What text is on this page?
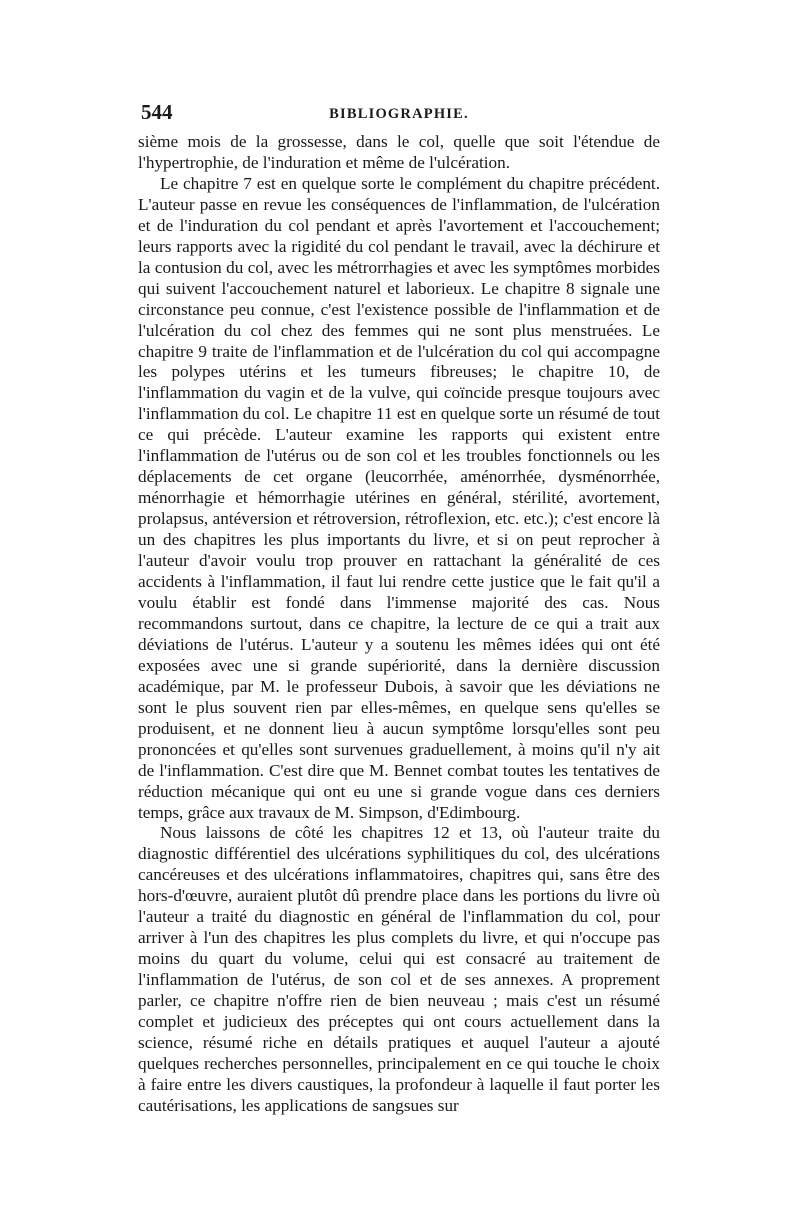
544	BIBLIOGRAPHIE.

sième mois de la grossesse, dans le col, quelle que soit l'étendue de l'hypertrophie, de l'induration et même de l'ulcération.

Le chapitre 7 est en quelque sorte le complément du chapitre précédent. L'auteur passe en revue les conséquences de l'inflammation, de l'ulcération et de l'induration du col pendant et après l'avortement et l'accouchement; leurs rapports avec la rigidité du col pendant le travail, avec la déchirure et la contusion du col, avec les métrorrhagies et avec les symptômes morbides qui suivent l'accouchement naturel et laborieux. Le chapitre 8 signale une circonstance peu connue, c'est l'existence possible de l'inflammation et de l'ulcération du col chez des femmes qui ne sont plus menstruées. Le chapitre 9 traite de l'inflammation et de l'ulcération du col qui accompagne les polypes utérins et les tumeurs fibreuses; le chapitre 10, de l'inflammation du vagin et de la vulve, qui coïncide presque toujours avec l'inflammation du col. Le chapitre 11 est en quelque sorte un résumé de tout ce qui précède. L'auteur examine les rapports qui existent entre l'inflammation de l'utérus ou de son col et les troubles fonctionnels ou les déplacements de cet organe (leucorrhée, aménorrhée, dysménorrhée, ménorrhagie et hémorrhagie utérines en général, stérilité, avortement, prolapsus, antéversion et rétroversion, rétroflexion, etc. etc.); c'est encore là un des chapitres les plus importants du livre, et si on peut reprocher à l'auteur d'avoir voulu trop prouver en rattachant la généralité de ces accidents à l'inflammation, il faut lui rendre cette justice que le fait qu'il a voulu établir est fondé dans l'immense majorité des cas. Nous recommandons surtout, dans ce chapitre, la lecture de ce qui a trait aux déviations de l'utérus. L'auteur y a soutenu les mêmes idées qui ont été exposées avec une si grande supériorité, dans la dernière discussion académique, par M. le professeur Dubois, à savoir que les déviations ne sont le plus souvent rien par elles-mêmes, en quelque sens qu'elles se produisent, et ne donnent lieu à aucun symptôme lorsqu'elles sont peu prononcées et qu'elles sont survenues graduellement, à moins qu'il n'y ait de l'inflammation. C'est dire que M. Bennet combat toutes les tentatives de réduction mécanique qui ont eu une si grande vogue dans ces derniers temps, grâce aux travaux de M. Simpson, d'Edimbourg.

Nous laissons de côté les chapitres 12 et 13, où l'auteur traite du diagnostic différentiel des ulcérations syphilitiques du col, des ulcérations cancéreuses et des ulcérations inflammatoires, chapitres qui, sans être des hors-d'œuvre, auraient plutôt dû prendre place dans les portions du livre où l'auteur a traité du diagnostic en général de l'inflammation du col, pour arriver à l'un des chapitres les plus complets du livre, et qui n'occupe pas moins du quart du volume, celui qui est consacré au traitement de l'inflammation de l'utérus, de son col et de ses annexes. A proprement parler, ce chapitre n'offre rien de bien neuveau ; mais c'est un résumé complet et judicieux des préceptes qui ont cours actuellement dans la science, résumé riche en détails pratiques et auquel l'auteur a ajouté quelques recherches personnelles, principalement en ce qui touche le choix à faire entre les divers caustiques, la profondeur à laquelle il faut porter les cautérisations, les applications de sangsues sur
